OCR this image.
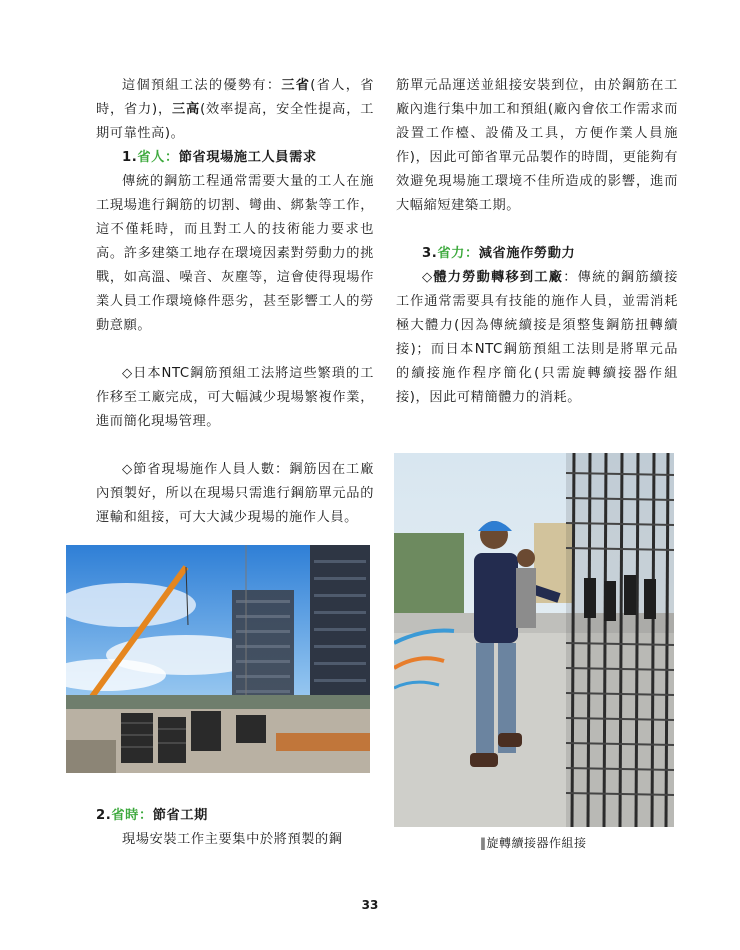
這個預組工法的優勢有：三省(省人，省時，省力)，三高(效率提高，安全性提高，工期可靠性高)。

1.省人：節省現場施工人員需求

傳統的鋼筋工程通常需要大量的工人在施工現場進行鋼筋的切割、彎曲、綁紮等工作，這不僅耗時，而且對工人的技術能力要求也高。許多建築工地存在環境因素對勞動力的挑戰，如高溫、噪音、灰塵等，這會使得現場作業人員工作環境條件惡劣，甚至影響工人的勞動意願。

◇日本NTC鋼筋預組工法將這些繁瑣的工作移至工廠完成，可大幅減少現場繁複作業，進而簡化現場管理。

◇節省現場施作人員人數：鋼筋因在工廠內預製好，所以在現場只需進行鋼筋單元品的運輸和組接，可大大減少現場的施作人員。

2.省時：節省工期

現場安裝工作主要集中於將預製的鋼

筋單元品運送並組接安裝到位，由於鋼筋在工廠內進行集中加工和預組(廠內會依工作需求而設置工作檯、設備及工具，方便作業人員施作)，因此可節省單元品製作的時間，更能夠有效避免現場施工環境不佳所造成的影響，進而大幅縮短建築工期。

3.省力：減省施作勞動力

◇體力勞動轉移到工廠：傳統的鋼筋續接工作通常需要具有技能的施作人員，並需消耗極大體力(因為傳統續接是須整隻鋼筋扭轉續接)；而日本NTC鋼筋預組工法則是將單元品的續接施作程序簡化(只需旋轉續接器作組接)，因此可精簡體力的消耗。

‖旋轉續接器作組接
33
